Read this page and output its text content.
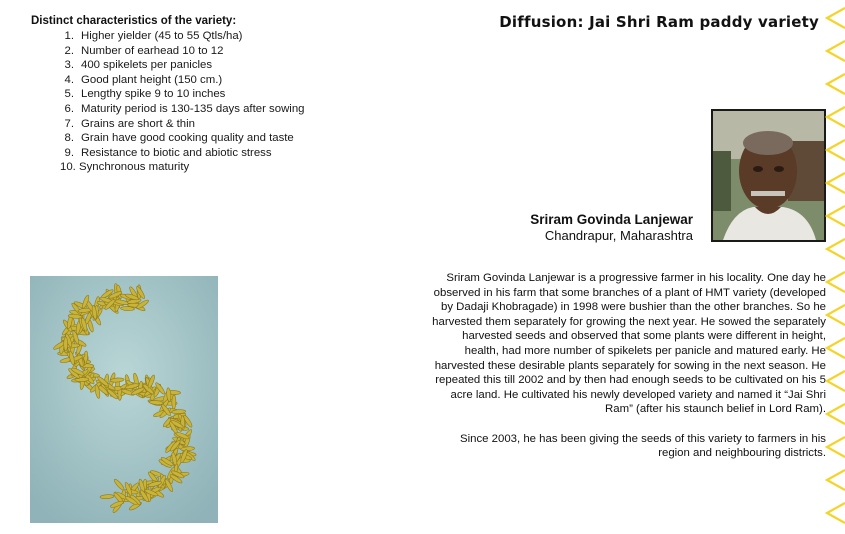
Distinct characteristics of the variety:
1. Higher yielder (45 to 55 Qtls/ha)
2. Number of earhead 10 to 12
3. 400 spikelets per panicles
4. Good plant height (150 cm.)
5. Lengthy spike 9 to 10 inches
6. Maturity period is 130-135 days after sowing
7. Grains are short & thin
8. Grain have good cooking quality and taste
9. Resistance to biotic and abiotic stress
10. Synchronous maturity
Diffusion: Jai Shri Ram paddy variety
Sriram Govinda Lanjewar
Chandrapur, Maharashtra

Sriram Govinda Lanjewar is a progressive farmer in his locality. One day he observed in his farm that some branches of a plant of HMT variety (developed by Dadaji Khobragade) in 1998 were bushier than the other branches. So he harvested them separately for growing the next year. He sowed the separately harvested seeds and observed that some plants were different in height, health, had more number of spikelets per panicle and matured early. He harvested these desirable plants separately for sowing in the next season. He repeated this till 2002 and by then had enough seeds to be cultivated on his 5 acre land. He cultivated his newly developed variety and named it “Jai Shri Ram” (after his staunch belief in Lord Ram).

Since 2003, he has been giving the seeds of this variety to farmers in his region and neighbouring districts.
